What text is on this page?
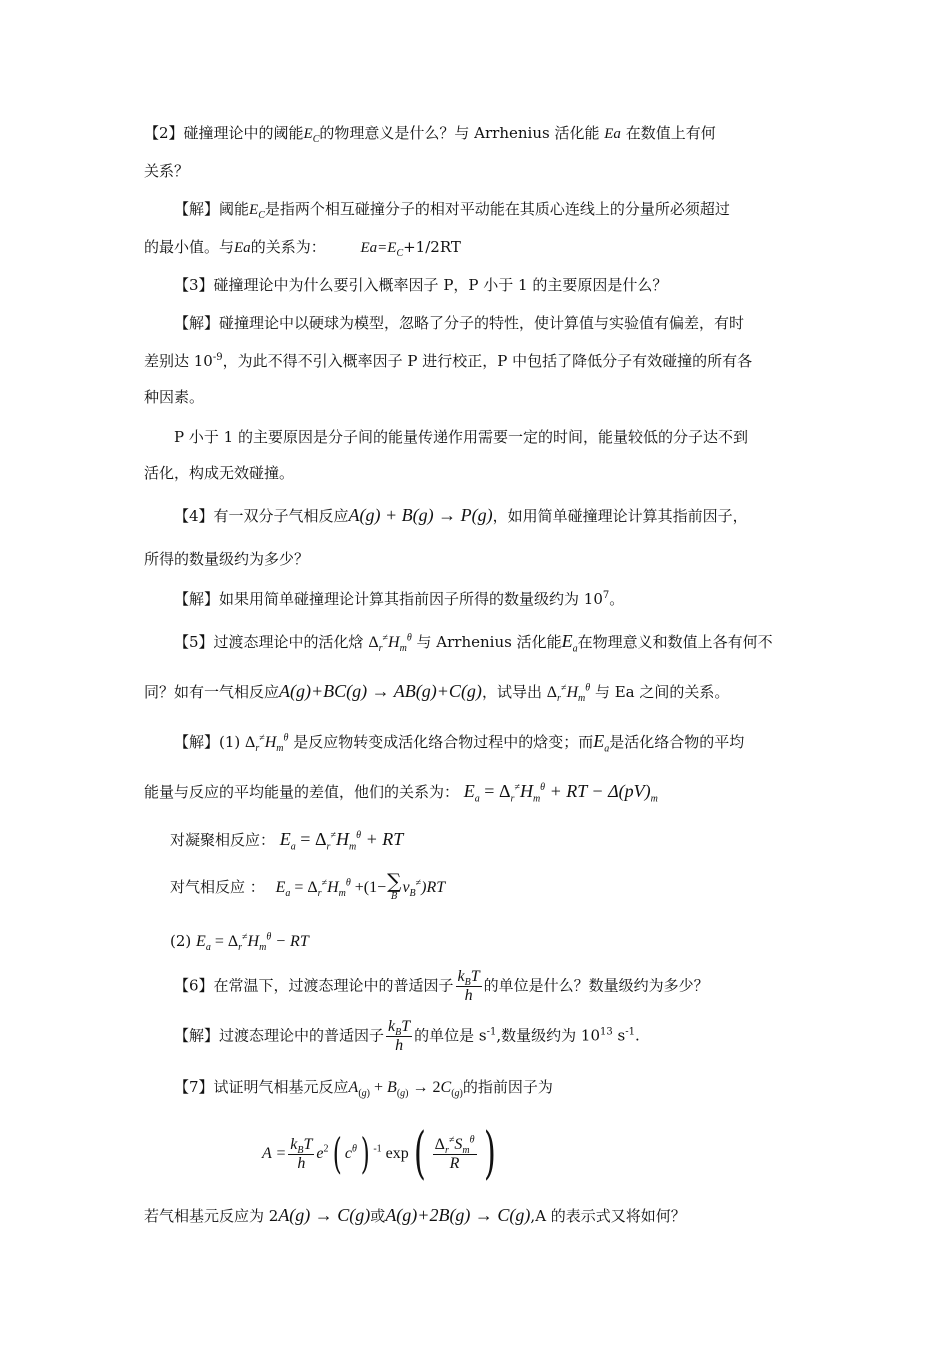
【2】碰撞理论中的阈能$E_C$的物理意义是什么？与 Arrhenius 活化能 Ea 在数值上有何
关系？
【解】阈能$E_C$是指两个相互碰撞分子的相对平动能在其质心连线上的分量所必须超过
的最小值。与Ea的关系为： $Ea=E_C+1/2RT$
【3】碰撞理论中为什么要引入概率因子 P，P 小于 1 的主要原因是什么？
【解】碰撞理论中以硬球为模型，忽略了分子的特性，使计算值与实验值有偏差，有时
差别达 $10^{-9}$，为此不得不引入概率因子 P 进行校正，P 中包括了降低分子有效碰撞的所有各
种因素。
P 小于 1 的主要原因是分子间的能量传递作用需要一定的时间，能量较低的分子达不到
活化，构成无效碰撞。
【4】有一双分子气相反应A(g) + B(g) → P(g)，如用简单碰撞理论计算其指前因子，
所得的数量级约为多少？
【解】如果用简单碰撞理论计算其指前因子所得的数量级约为 $10^7$。
【5】过渡态理论中的活化焓 $\Delta_r^\ne H_m^\theta$ 与 Arrhenius 活化能$E_a$在物理意义和数值上各有何不
同？如有一气相反应A(g)+BC(g) → AB(g)+C(g)，试导出 $\Delta_r^\ne H_m^\theta$ 与 Ea 之间的关系。
【解】(1) $\Delta_r^\ne H_m^\theta$ 是反应物转变成活化络合物过程中的焓变；而$E_a$是活化络合物的平均
能量与反应的平均能量的差值，他们的关系为： $E_a = \Delta_r^\ne H_m^\theta$ + RT − $\Delta(pV)_m$
对凝聚相反应： $E_a = \Delta_r^\ne H_m^\theta$ + RT
对气相反应 ： $E_a = \Delta_r^\ne H_m^\theta +(1-$ ∑
B
$\nu_B^\ne)RT$
(2) $E_a = \Delta_r^\ne H_m^\theta$ − RT
【6】在常温下，过渡态理论中的普适因子 $\frac{k_BT}{h}$ 的单位是什么？数量级约为多少？
【解】过渡态理论中的普适因子 $\frac{k_BT}{h}$ 的单位是 $s^{-1}$,数量级约为 $10^{13}$ $s^{-1}$.
【7】试证明气相基元反应$A_{(g)} + B_{(g)} \to 2C_{(g)}$的指前因子为
$A = \frac{k_BT}{h} e^2$ ( $c^\theta$ ) $^{-1}$ exp ( $\frac{\Delta_r^\ne S_m^\theta}{R}$ )
若气相基元反应为 2A(g) → C(g)或A(g)+2B(g) → C(g),A 的表示式又将如何？
